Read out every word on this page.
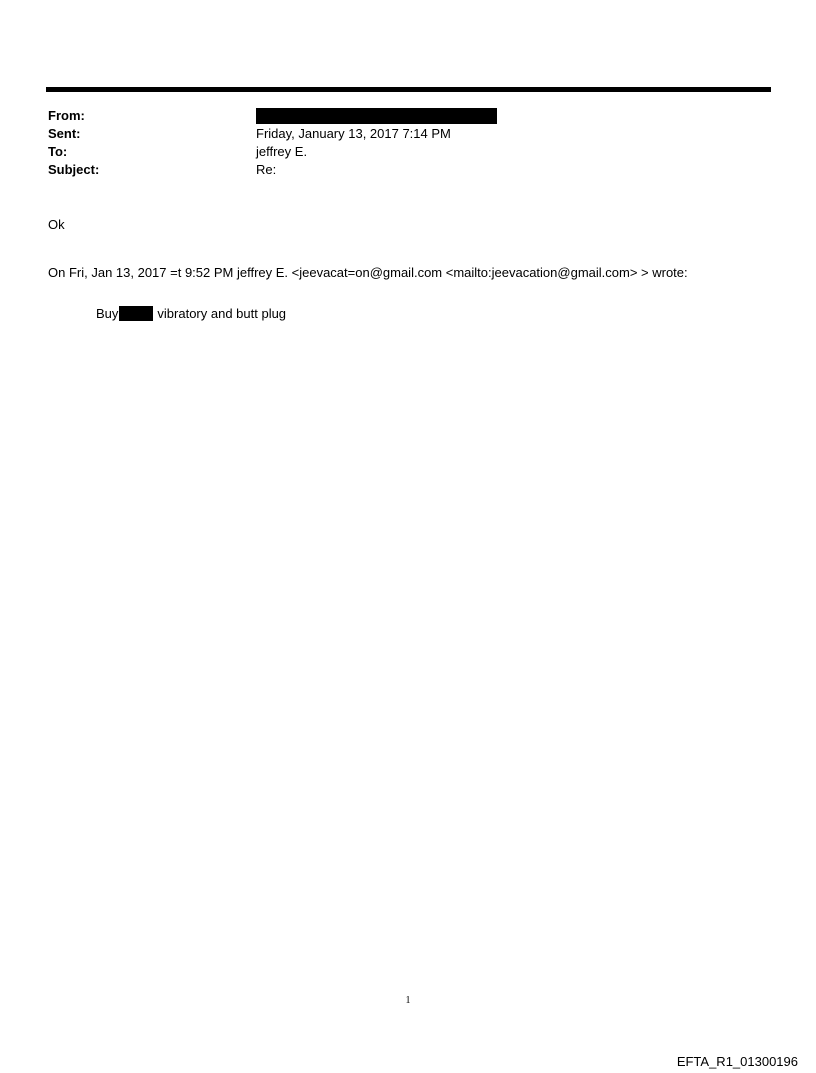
From:
Sent:	Friday, January 13, 2017 7:14 PM
To:	jeffrey E.
Subject:	Re:
Ok
On Fri, Jan 13, 2017 =t 9:52 PM jeffrey E. <jeevacat=on@gmail.com <mailto:jeevacation@gmail.com> > wrote:
Buy	vibratory and butt plug
1
EFTA_R1_01300196
